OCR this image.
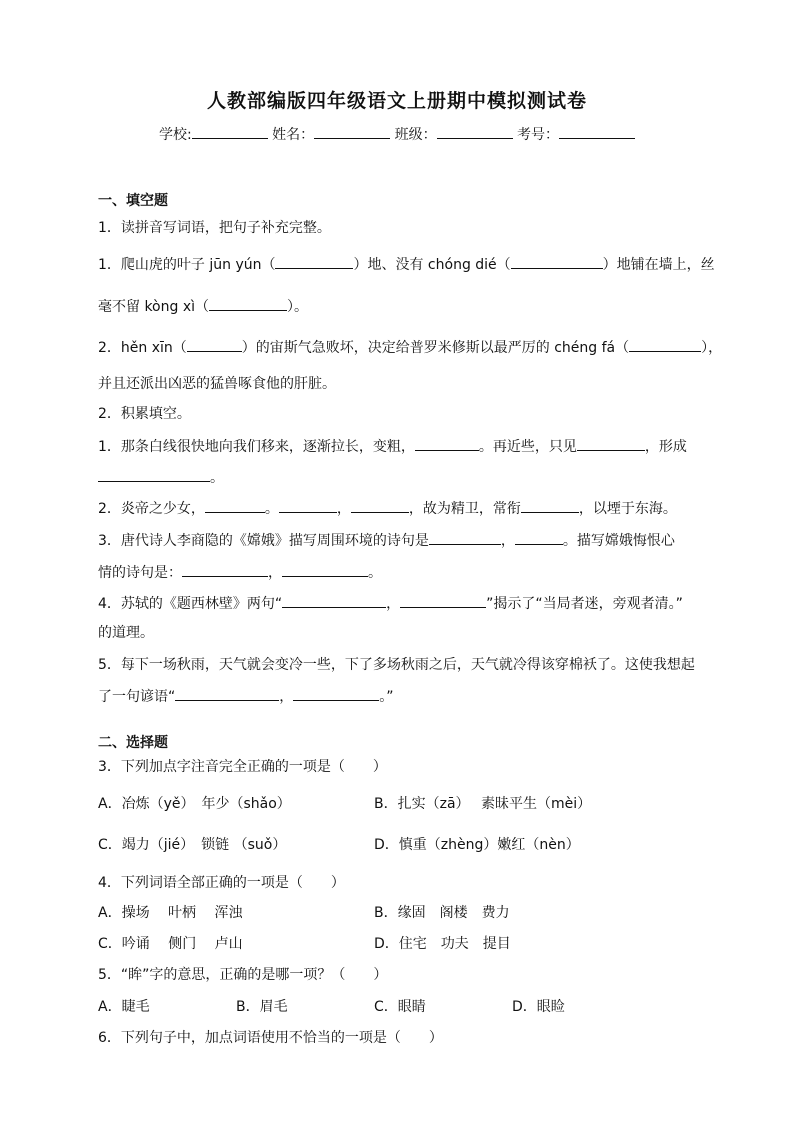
人教部编版四年级语文上册期中模拟测试卷
学校:	姓名：	班级：	考号：
一、填空题
1．读拼音写词语，把句子补充完整。
1．爬山虎的叶子 jūn yún（	）地、没有 chóng dié（	）地铺在墙上，丝
毫不留 kòng xì（	）。
2．hěn xīn（	）的宙斯气急败坏，决定给普罗米修斯以最严厉的 chéng fá（	），
并且还派出凶恶的猛兽啄食他的肝脏。
2．积累填空。
1．那条白线很快地向我们移来，逐渐拉长，变粗，	。再近些，只见	，形成
。
2．炎帝之少女，	。	，	，故为精卫，常衔	，以堙于东海。
3．唐代诗人李商隐的《嫦娥》描写周围环境的诗句是	，	。描写嫦娥悔恨心
情的诗句是：	，	。
4．苏轼的《题西林壁》两句“	，	”揭示了“当局者迷，旁观者清。”
的道理。
5．每下一场秋雨，天气就会变冷一些，下了多场秋雨之后，天气就冷得该穿棉袄了。这使我想起
了一句谚语“	，	。”
二、选择题
3．下列加点字注音完全正确的一项是（　　）
A．冶炼（yě）　年少（shǎo）	B．扎实（zā）　 素昧平生（mèi）
C．竭力（jié）　锁链 （suǒ）	D．慎重（zhèng）嫩红（nèn）
4．下列词语全部正确的一项是（　　）
A．操场　 叶柄　 浑浊	B．缘固　阁楼　费力
C．吟诵　 侧门　 卢山	D．住宅　功夫　提目
5．“眸”字的意思，正确的是哪一项？（　　）
A．睫毛	B．眉毛	C．眼睛	D．眼睑
6．下列句子中，加点词语使用不恰当的一项是（　　）
